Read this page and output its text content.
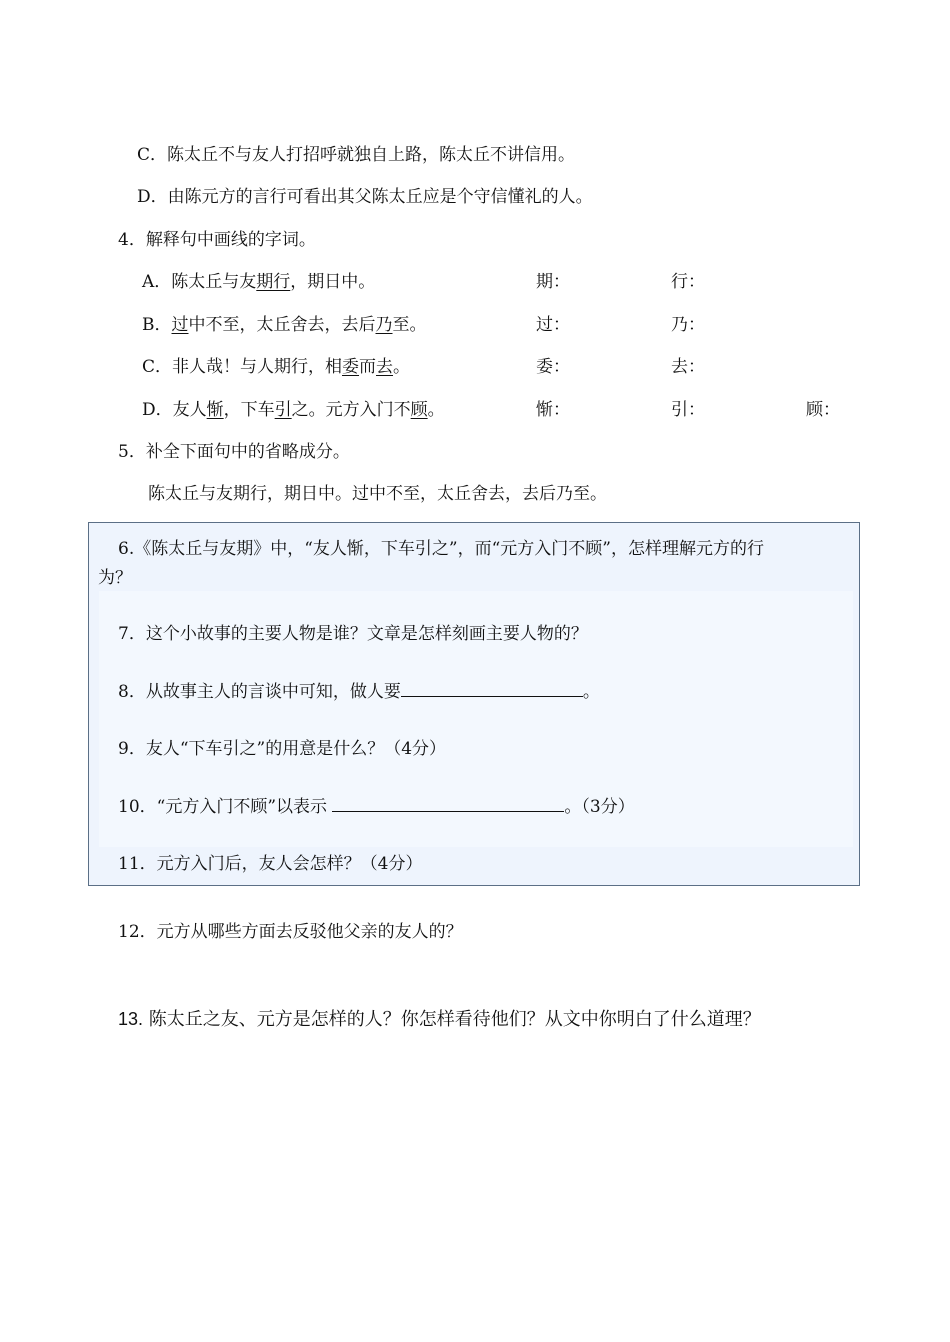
C．陈太丘不与友人打招呼就独自上路，陈太丘不讲信用。
D．由陈元方的言行可看出其父陈太丘应是个守信懂礼的人。
4．解释句中画线的字词。
A．陈太丘与友期行，期日中。	期：	行：
B．过中不至，太丘舍去，去后乃至。	过：	乃：
C．非人哉！与人期行，相委而去。	委：	去：
D．友人惭，下车引之。元方入门不顾。	惭：	引：	顾：
5．补全下面句中的省略成分。
陈太丘与友期行，期日中。过中不至，太丘舍去，去后乃至。
6.《陈太丘与友期》中，“友人惭，下车引之”，而“元方入门不顾”，怎样理解元方的行
为？
7．这个小故事的主要人物是谁？文章是怎样刻画主要人物的？
8．从故事主人的言谈中可知，做人要	。
9．友人“下车引之”的用意是什么？（4分）
10．“元方入门不顾”以表示	。（3分）
11．元方入门后，友人会怎样？（4分）
12．元方从哪些方面去反驳他父亲的友人的？
13. 陈太丘之友、元方是怎样的人？你怎样看待他们？从文中你明白了什么道理？
